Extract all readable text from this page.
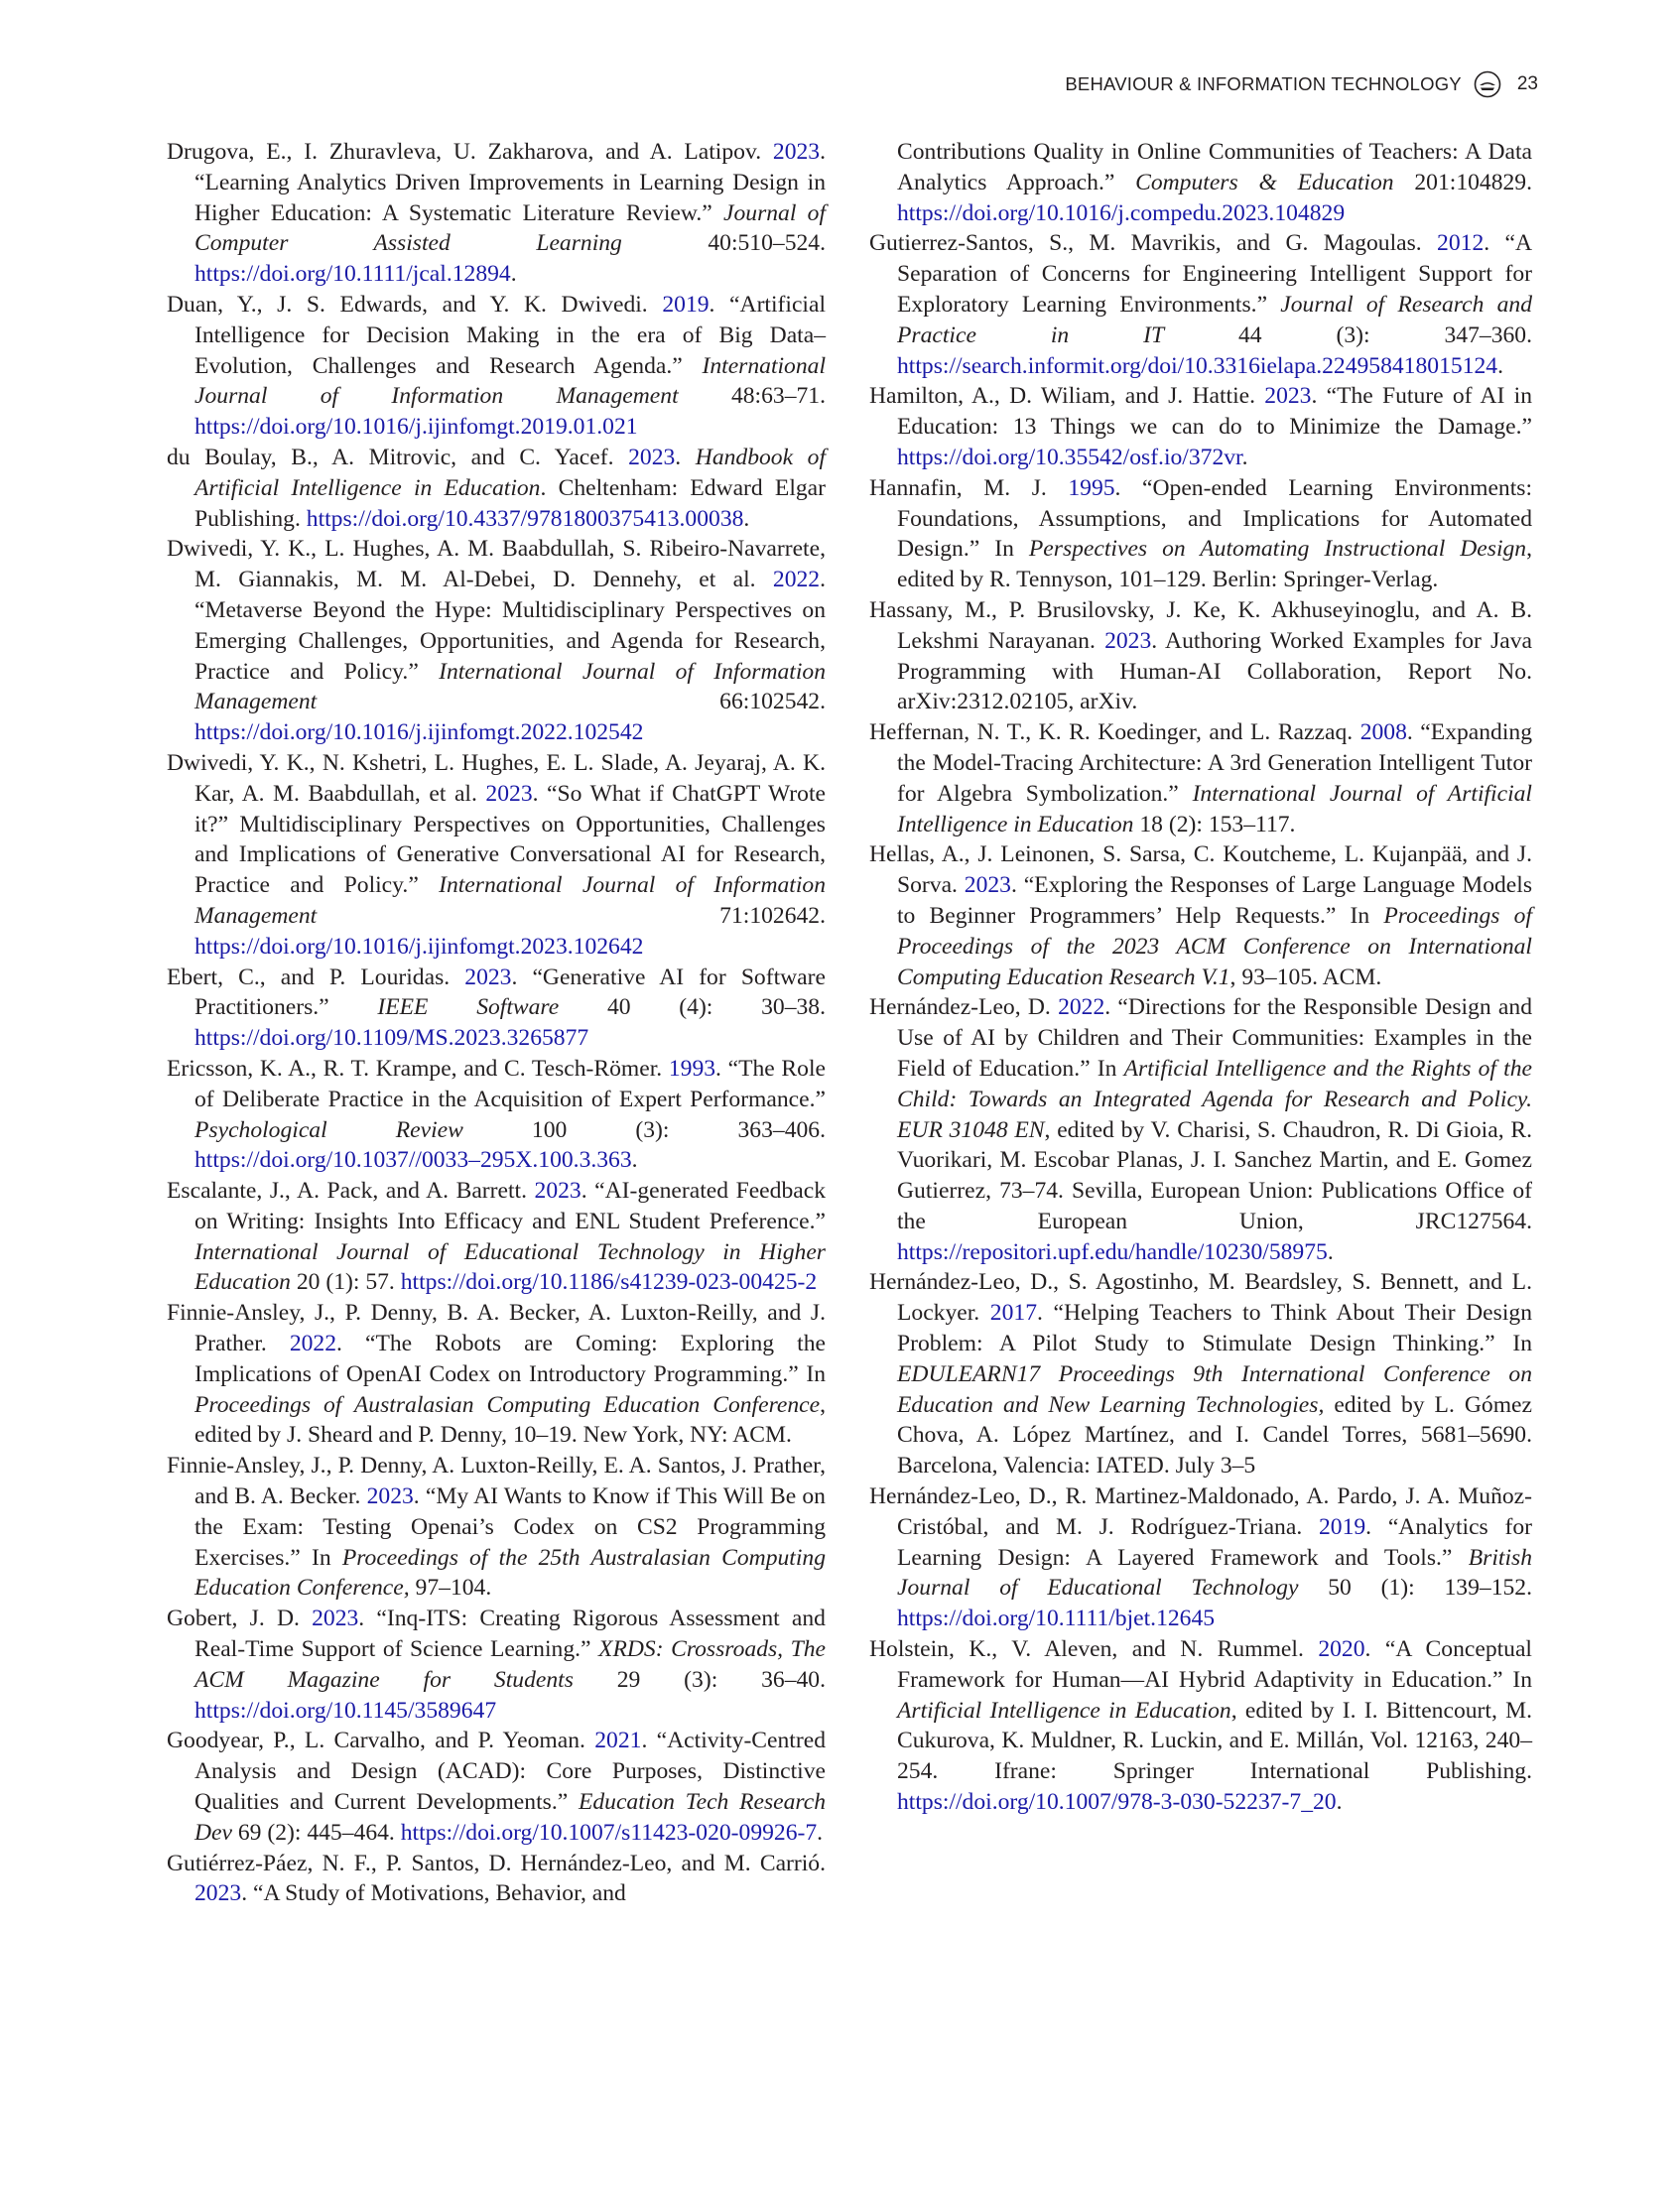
BEHAVIOUR & INFORMATION TECHNOLOGY	23

Drugova, E., I. Zhuravleva, U. Zakharova, and A. Latipov. 2023. “Learning Analytics Driven Improvements in Learning Design in Higher Education: A Systematic Literature Review.” Journal of Computer Assisted Learning 40:510–524. https://doi.org/10.1111/jcal.12894.

Duan, Y., J. S. Edwards, and Y. K. Dwivedi. 2019. “Artificial Intelligence for Decision Making in the era of Big Data– Evolution, Challenges and Research Agenda.” International Journal of Information Management 48:63–71. https://doi.org/10.1016/j.ijinfomgt.2019.01.021

du Boulay, B., A. Mitrovic, and C. Yacef. 2023. Handbook of Artificial Intelligence in Education. Cheltenham: Edward Elgar Publishing. https://doi.org/10.4337/9781800375413.00038.

Dwivedi, Y. K., L. Hughes, A. M. Baabdullah, S. Ribeiro-Navarrete, M. Giannakis, M. M. Al-Debei, D. Dennehy, et al. 2022. “Metaverse Beyond the Hype: Multidisciplinary Perspectives on Emerging Challenges, Opportunities, and Agenda for Research, Practice and Policy.” International Journal of Information Management 66:102542. https://doi.org/10.1016/j.ijinfomgt.2022.102542

Dwivedi, Y. K., N. Kshetri, L. Hughes, E. L. Slade, A. Jeyaraj, A. K. Kar, A. M. Baabdullah, et al. 2023. “So What if ChatGPT Wrote it?” Multidisciplinary Perspectives on Opportunities, Challenges and Implications of Generative Conversational AI for Research, Practice and Policy.” International Journal of Information Management 71:102642. https://doi.org/10.1016/j.ijinfomgt.2023.102642

Ebert, C., and P. Louridas. 2023. “Generative AI for Software Practitioners.” IEEE Software 40 (4): 30–38. https://doi.org/10.1109/MS.2023.3265877

Ericsson, K. A., R. T. Krampe, and C. Tesch-Römer. 1993. “The Role of Deliberate Practice in the Acquisition of Expert Performance.” Psychological Review 100 (3): 363–406. https://doi.org/10.1037//0033–295X.100.3.363.

Escalante, J., A. Pack, and A. Barrett. 2023. “AI-generated Feedback on Writing: Insights Into Efficacy and ENL Student Preference.” International Journal of Educational Technology in Higher Education 20 (1): 57. https://doi.org/10.1186/s41239-023-00425-2

Finnie-Ansley, J., P. Denny, B. A. Becker, A. Luxton-Reilly, and J. Prather. 2022. “The Robots are Coming: Exploring the Implications of OpenAI Codex on Introductory Programming.” In Proceedings of Australasian Computing Education Conference, edited by J. Sheard and P. Denny, 10–19. New York, NY: ACM.

Finnie-Ansley, J., P. Denny, A. Luxton-Reilly, E. A. Santos, J. Prather, and B. A. Becker. 2023. “My AI Wants to Know if This Will Be on the Exam: Testing Openai’s Codex on CS2 Programming Exercises.” In Proceedings of the 25th Australasian Computing Education Conference, 97–104.

Gobert, J. D. 2023. “Inq-ITS: Creating Rigorous Assessment and Real-Time Support of Science Learning.” XRDS: Crossroads, The ACM Magazine for Students 29 (3): 36–40. https://doi.org/10.1145/3589647

Goodyear, P., L. Carvalho, and P. Yeoman. 2021. “Activity-Centred Analysis and Design (ACAD): Core Purposes, Distinctive Qualities and Current Developments.” Education Tech Research Dev 69 (2): 445–464. https://doi.org/10.1007/s11423-020-09926-7.

Gutiérrez-Páez, N. F., P. Santos, D. Hernández-Leo, and M. Carrió. 2023. “A Study of Motivations, Behavior, and

Contributions Quality in Online Communities of Teachers: A Data Analytics Approach.” Computers & Education 201:104829. https://doi.org/10.1016/j.compedu.2023.104829

Gutierrez-Santos, S., M. Mavrikis, and G. Magoulas. 2012. “A Separation of Concerns for Engineering Intelligent Support for Exploratory Learning Environments.” Journal of Research and Practice in IT 44 (3): 347–360. https://search.informit.org/doi/10.3316ielapa.224958418015124.

Hamilton, A., D. Wiliam, and J. Hattie. 2023. “The Future of AI in Education: 13 Things we can do to Minimize the Damage.” https://doi.org/10.35542/osf.io/372vr.

Hannafin, M. J. 1995. “Open-ended Learning Environments: Foundations, Assumptions, and Implications for Automated Design.” In Perspectives on Automating Instructional Design, edited by R. Tennyson, 101–129. Berlin: Springer-Verlag.

Hassany, M., P. Brusilovsky, J. Ke, K. Akhuseyinoglu, and A. B. Lekshmi Narayanan. 2023. Authoring Worked Examples for Java Programming with Human-AI Collaboration, Report No. arXiv:2312.02105, arXiv.

Heffernan, N. T., K. R. Koedinger, and L. Razzaq. 2008. “Expanding the Model-Tracing Architecture: A 3rd Generation Intelligent Tutor for Algebra Symbolization.” International Journal of Artificial Intelligence in Education 18 (2): 153–117.

Hellas, A., J. Leinonen, S. Sarsa, C. Koutcheme, L. Kujanpää, and J. Sorva. 2023. “Exploring the Responses of Large Language Models to Beginner Programmers’ Help Requests.” In Proceedings of Proceedings of the 2023 ACM Conference on International Computing Education Research V.1, 93–105. ACM.

Hernández-Leo, D. 2022. “Directions for the Responsible Design and Use of AI by Children and Their Communities: Examples in the Field of Education.” In Artificial Intelligence and the Rights of the Child: Towards an Integrated Agenda for Research and Policy. EUR 31048 EN, edited by V. Charisi, S. Chaudron, R. Di Gioia, R. Vuorikari, M. Escobar Planas, J. I. Sanchez Martin, and E. Gomez Gutierrez, 73–74. Sevilla, European Union: Publications Office of the European Union, JRC127564. https://repositori.upf.edu/handle/10230/58975.

Hernández-Leo, D., S. Agostinho, M. Beardsley, S. Bennett, and L. Lockyer. 2017. “Helping Teachers to Think About Their Design Problem: A Pilot Study to Stimulate Design Thinking.” In EDULEARN17 Proceedings 9th International Conference on Education and New Learning Technologies, edited by L. Gómez Chova, A. López Martínez, and I. Candel Torres, 5681–5690. Barcelona, Valencia: IATED. July 3–5

Hernández-Leo, D., R. Martinez-Maldonado, A. Pardo, J. A. Muñoz-Cristóbal, and M. J. Rodríguez-Triana. 2019. “Analytics for Learning Design: A Layered Framework and Tools.” British Journal of Educational Technology 50 (1): 139–152. https://doi.org/10.1111/bjet.12645

Holstein, K., V. Aleven, and N. Rummel. 2020. “A Conceptual Framework for Human—AI Hybrid Adaptivity in Education.” In Artificial Intelligence in Education, edited by I. I. Bittencourt, M. Cukurova, K. Muldner, R. Luckin, and E. Millán, Vol. 12163, 240–254. Ifrane: Springer International Publishing. https://doi.org/10.1007/978-3-030-52237-7_20.
